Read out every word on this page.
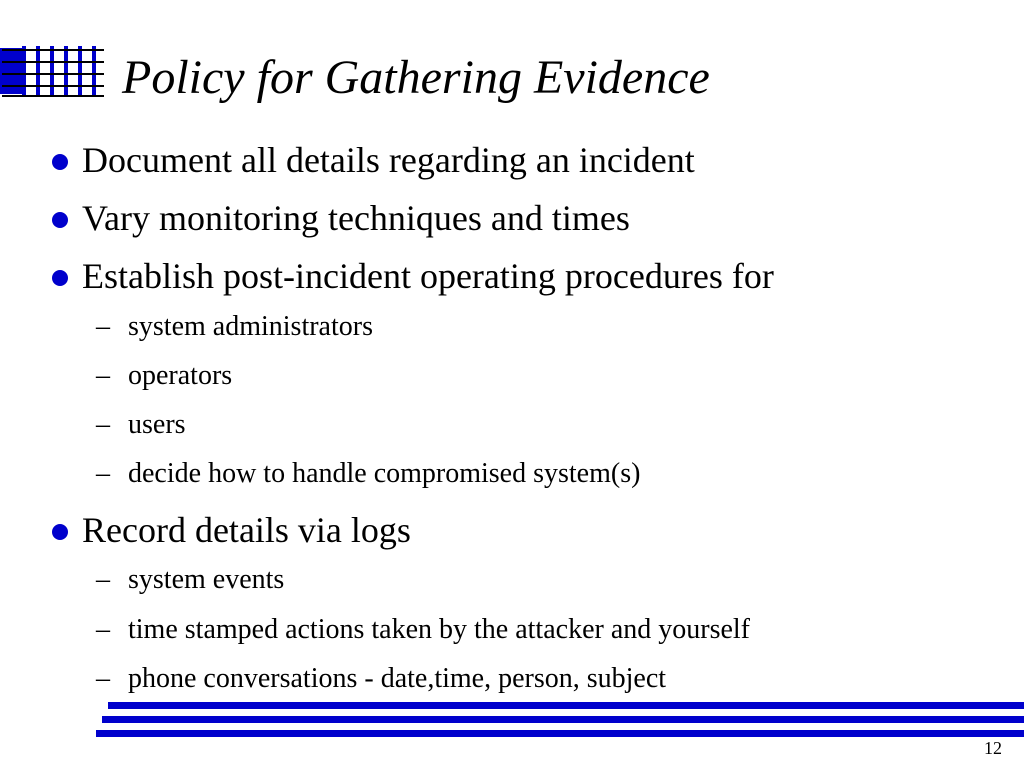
Policy for Gathering Evidence
Document all details regarding an incident
Vary monitoring techniques and times
Establish post-incident operating procedures for
– system administrators
– operators
– users
– decide how to handle compromised system(s)
Record details via logs
– system events
– time stamped actions taken by the attacker and yourself
– phone conversations - date,time, person, subject
12
